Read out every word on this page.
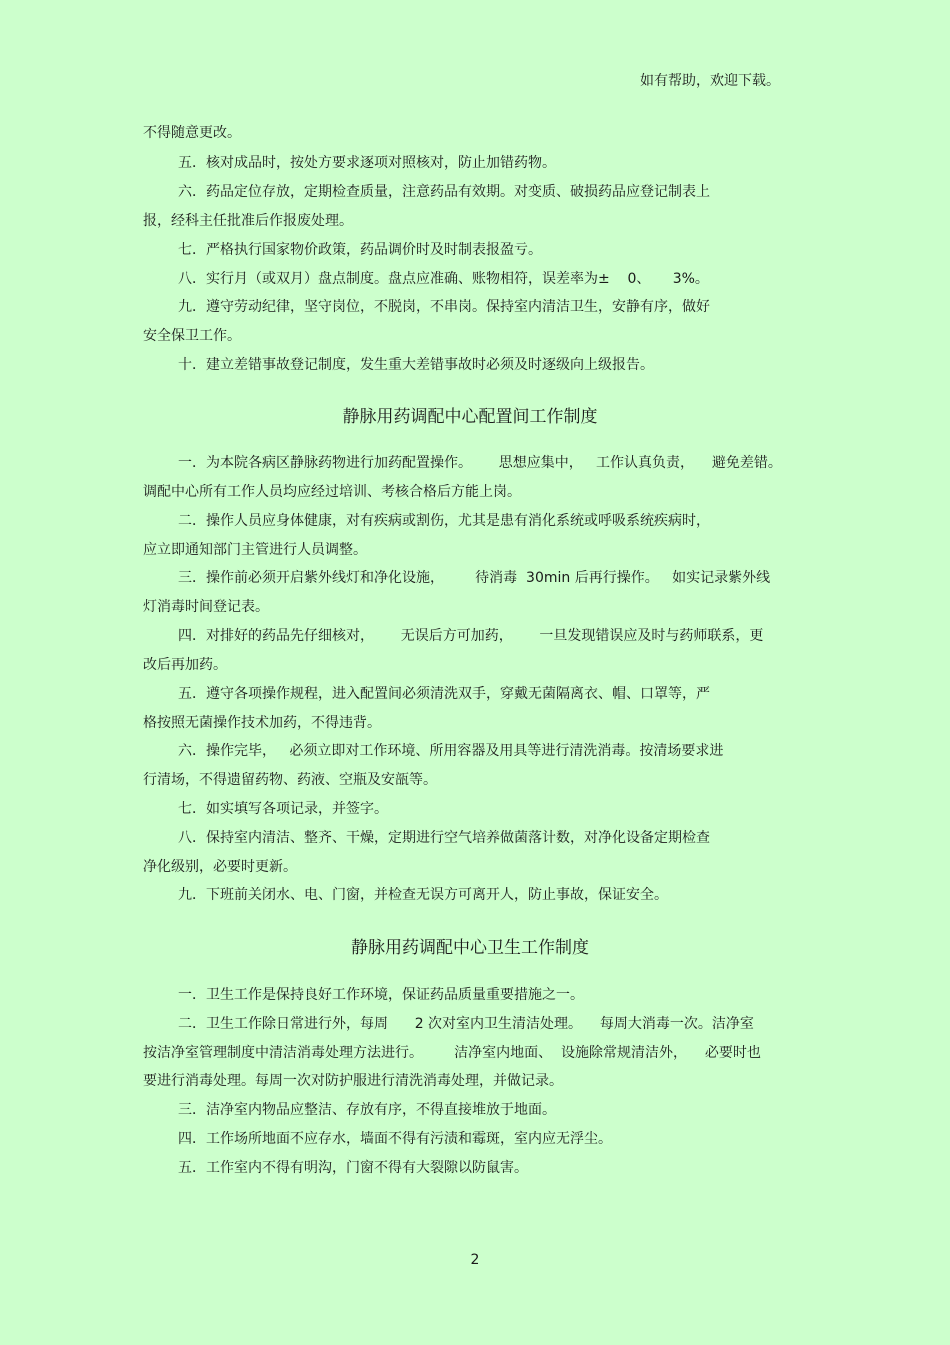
如有帮助，欢迎下载。
不得随意更改。
五．核对成品时，按处方要求逐项对照核对，防止加错药物。
六．药品定位存放，定期检查质量，注意药品有效期。对变质、破损药品应登记制表上
报，经科主任批准后作报废处理。
七．严格执行国家物价政策，药品调价时及时制表报盈亏。
八．实行月（或双月）盘点制度。盘点应准确、账物相符，误差率为±    0、     3%。
九．遵守劳动纪律，坚守岗位，不脱岗，不串岗。保持室内清洁卫生，安静有序，做好
安全保卫工作。
十．建立差错事故登记制度，发生重大差错事故时必须及时逐级向上级报告。
静脉用药调配中心配置间工作制度
一．为本院各病区静脉药物进行加药配置操作。      思想应集中，   工作认真负责，    避免差错。
调配中心所有工作人员均应经过培训、考核合格后方能上岗。
二．操作人员应身体健康，对有疾病或割伤，尤其是患有消化系统或呼吸系统疾病时，
应立即通知部门主管进行人员调整。
三．操作前必须开启紫外线灯和净化设施，       待消毒  30min 后再行操作。   如实记录紫外线
灯消毒时间登记表。
四．对排好的药品先仔细核对，      无误后方可加药，      一旦发现错误应及时与药师联系，更
改后再加药。
五．遵守各项操作规程，进入配置间必须清洗双手，穿戴无菌隔离衣、帽、口罩等，严
格按照无菌操作技术加药，不得违背。
六．操作完毕，   必须立即对工作环境、所用容器及用具等进行清洗消毒。按清场要求进
行清场，不得遗留药物、药液、空瓶及安瓿等。
七．如实填写各项记录，并签字。
八．保持室内清洁、整齐、干燥，定期进行空气培养做菌落计数，对净化设备定期检查
净化级别，必要时更新。
九．下班前关闭水、电、门窗，并检查无误方可离开人，防止事故，保证安全。
静脉用药调配中心卫生工作制度
一．卫生工作是保持良好工作环境，保证药品质量重要措施之一。
二．卫生工作除日常进行外，每周      2 次对室内卫生清洁处理。    每周大消毒一次。洁净室
按洁净室管理制度中清洁消毒处理方法进行。       洁净室内地面、  设施除常规清洁外，    必要时也
要进行消毒处理。每周一次对防护服进行清洗消毒处理，并做记录。
三．洁净室内物品应整洁、存放有序，不得直接堆放于地面。
四．工作场所地面不应存水，墙面不得有污渍和霉斑，室内应无浮尘。
五．工作室内不得有明沟，门窗不得有大裂隙以防鼠害。
2
